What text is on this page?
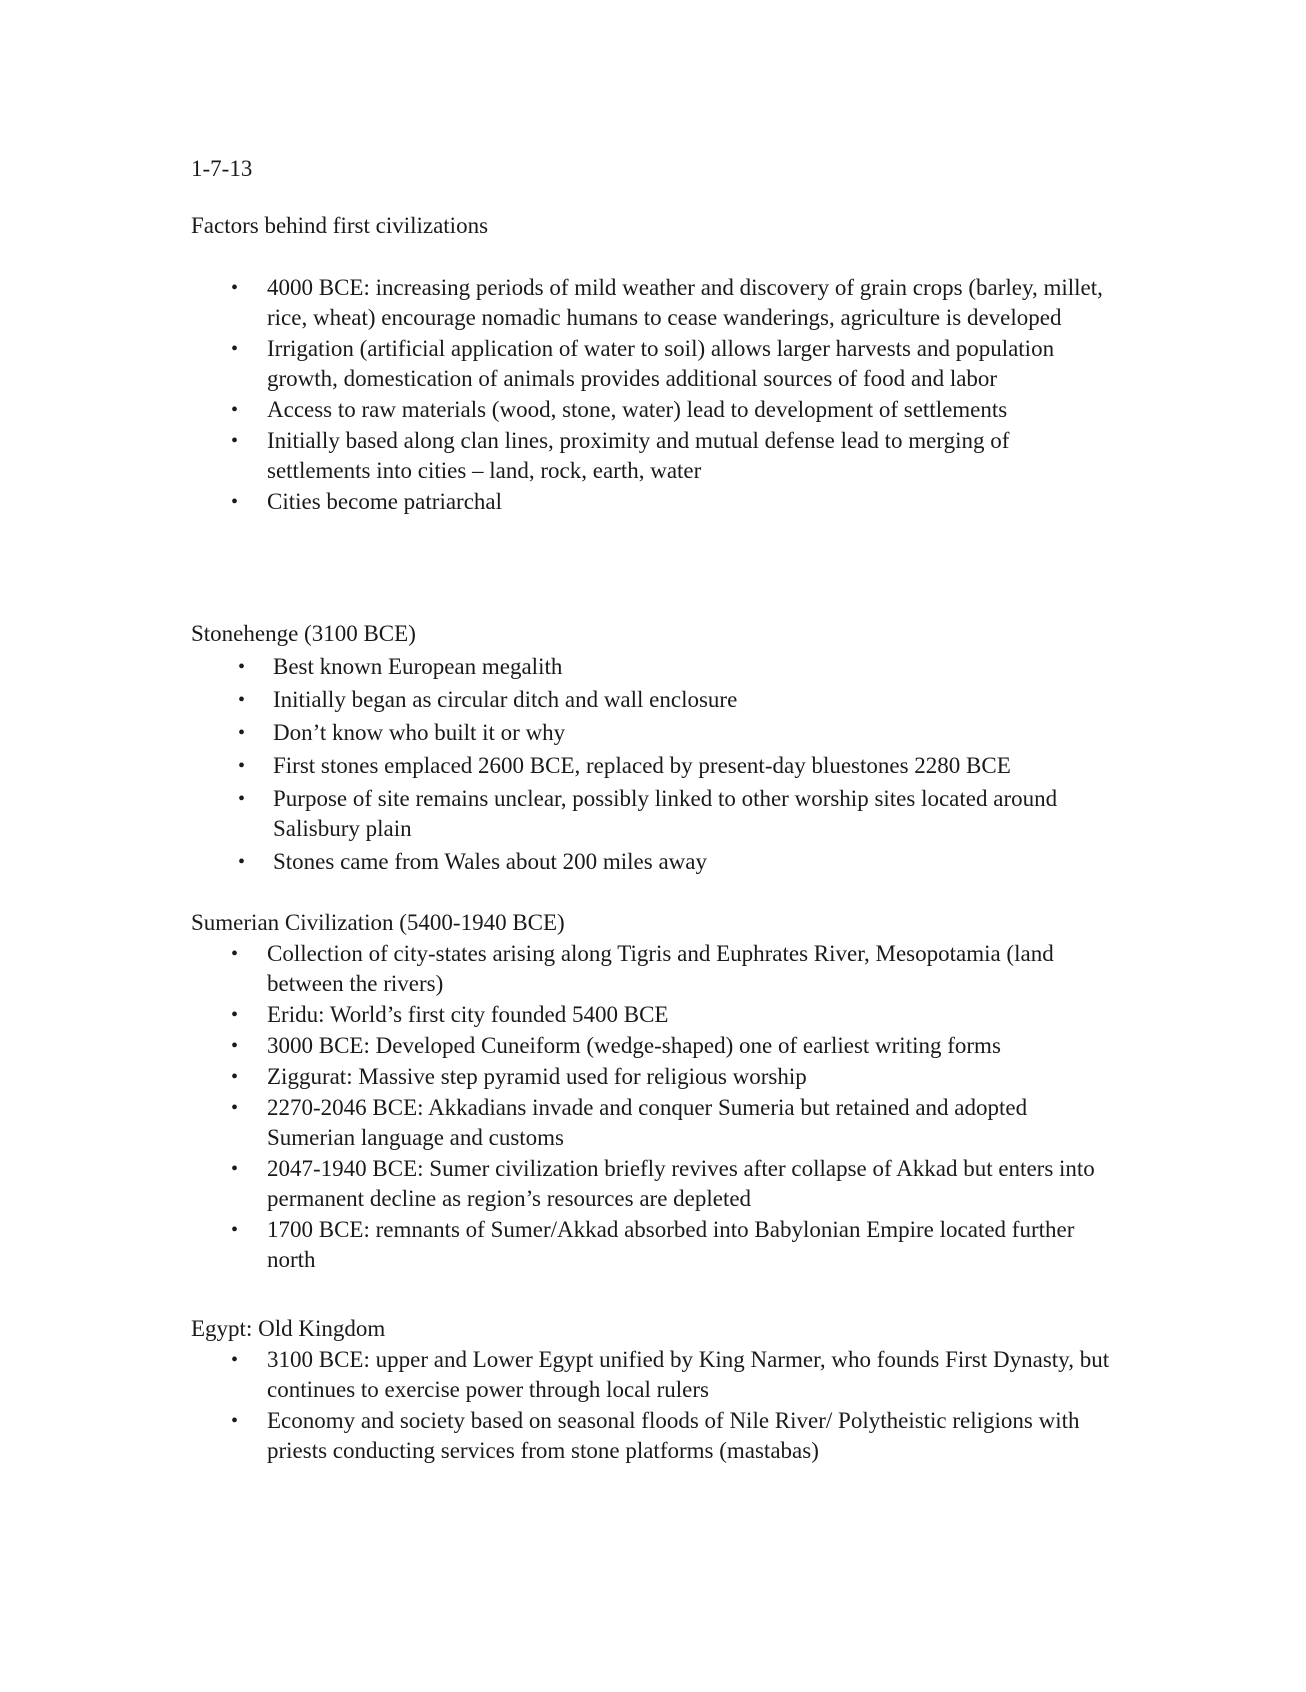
1-7-13

Factors behind first civilizations

• 4000 BCE: increasing periods of mild weather and discovery of grain crops (barley, millet, rice, wheat) encourage nomadic humans to cease wanderings, agriculture is developed
• Irrigation (artificial application of water to soil) allows larger harvests and population growth, domestication of animals provides additional sources of food and labor
• Access to raw materials (wood, stone, water) lead to development of settlements
• Initially based along clan lines, proximity and mutual defense lead to merging of settlements into cities – land, rock, earth, water
• Cities become patriarchal

Stonehenge (3100 BCE)

• Best known European megalith
• Initially began as circular ditch and wall enclosure
• Don’t know who built it or why
• First stones emplaced 2600 BCE, replaced by present-day bluestones 2280 BCE
• Purpose of site remains unclear, possibly linked to other worship sites located around Salisbury plain
• Stones came from Wales about 200 miles away

Sumerian Civilization (5400-1940 BCE)

• Collection of city-states arising along Tigris and Euphrates River, Mesopotamia (land between the rivers)
• Eridu: World’s first city founded 5400 BCE
• 3000 BCE: Developed Cuneiform (wedge-shaped) one of earliest writing forms
• Ziggurat: Massive step pyramid used for religious worship
• 2270-2046 BCE: Akkadians invade and conquer Sumeria but retained and adopted Sumerian language and customs
• 2047-1940 BCE: Sumer civilization briefly revives after collapse of Akkad but enters into permanent decline as region’s resources are depleted
• 1700 BCE: remnants of Sumer/Akkad absorbed into Babylonian Empire located further north

Egypt: Old Kingdom

• 3100 BCE: upper and Lower Egypt unified by King Narmer, who founds First Dynasty, but continues to exercise power through local rulers
• Economy and society based on seasonal floods of Nile River/ Polytheistic religions with priests conducting services from stone platforms (mastabas)
